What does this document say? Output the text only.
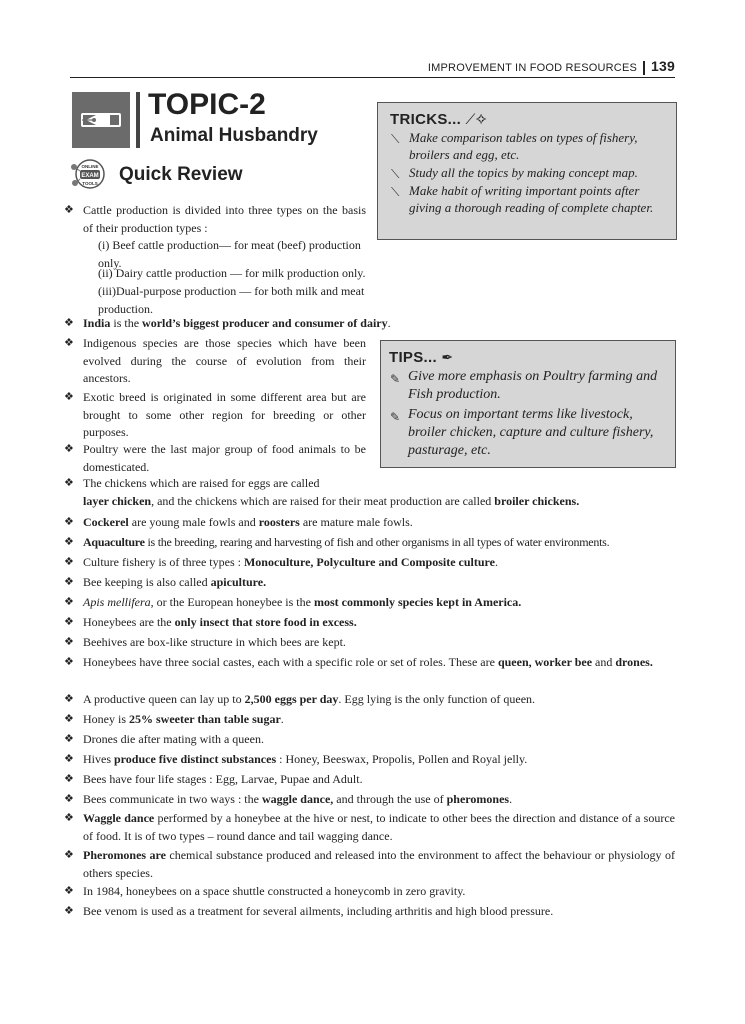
IMPROVEMENT IN FOOD RESOURCES 139
TOPIC-2
Animal Husbandry
ONLINE
EXAM
TOOLS Quick Review
TRICKS... ⟋✧
⟍ Make comparison tables on types of fishery, broilers and egg, etc.
⟍ Study all the topics by making concept map.
⟍ Make habit of writing important points after giving a thorough reading of complete chapter.
TIPS... ✒
✎ Give more emphasis on Poultry farming and Fish production.
✎ Focus on important terms like livestock, broiler chicken, capture and culture fishery, pasturage, etc.
❖ Cattle production is divided into three types on the basis of their production types :
(i) Beef cattle production— for meat (beef) production only.
(ii) Dairy cattle production — for milk production only.
(iii)Dual-purpose production — for both milk and meat production.
❖ India is the world’s biggest producer and consumer of dairy.
❖ Indigenous species are those species which have been evolved during the course of evolution from their ancestors.
❖ Exotic breed is originated in some different area but are brought to some other region for breeding or other purposes.
❖ Poultry were the last major group of food animals to be domesticated.
❖ The chickens which are raised for eggs are called
layer chicken, and the chickens which are raised for their meat production are called broiler chickens.
❖ Cockerel are young male fowls and roosters are mature male fowls.
❖ Aquaculture is the breeding, rearing and harvesting of fish and other organisms in all types of water environments.
❖ Culture fishery is of three types : Monoculture, Polyculture and Composite culture.
❖ Bee keeping is also called apiculture.
❖ Apis mellifera, or the European honeybee is the most commonly species kept in America.
❖ Honeybees are the only insect that store food in excess.
❖ Beehives are box-like structure in which bees are kept.
❖ Honeybees have three social castes, each with a specific role or set of roles. These are queen, worker bee and drones.
❖ A productive queen can lay up to 2,500 eggs per day. Egg lying is the only function of queen.
❖ Honey is 25% sweeter than table sugar.
❖ Drones die after mating with a queen.
❖ Hives produce five distinct substances : Honey, Beeswax, Propolis, Pollen and Royal jelly.
❖ Bees have four life stages : Egg, Larvae, Pupae and Adult.
❖ Bees communicate in two ways : the waggle dance, and through the use of pheromones.
❖ Waggle dance performed by a honeybee at the hive or nest, to indicate to other bees the direction and distance of a source of food. It is of two types – round dance and tail wagging dance.
❖ Pheromones are chemical substance produced and released into the environment to affect the behaviour or physiology of others species.
❖ In 1984, honeybees on a space shuttle constructed a honeycomb in zero gravity.
❖ Bee venom is used as a treatment for several ailments, including arthritis and high blood pressure.
